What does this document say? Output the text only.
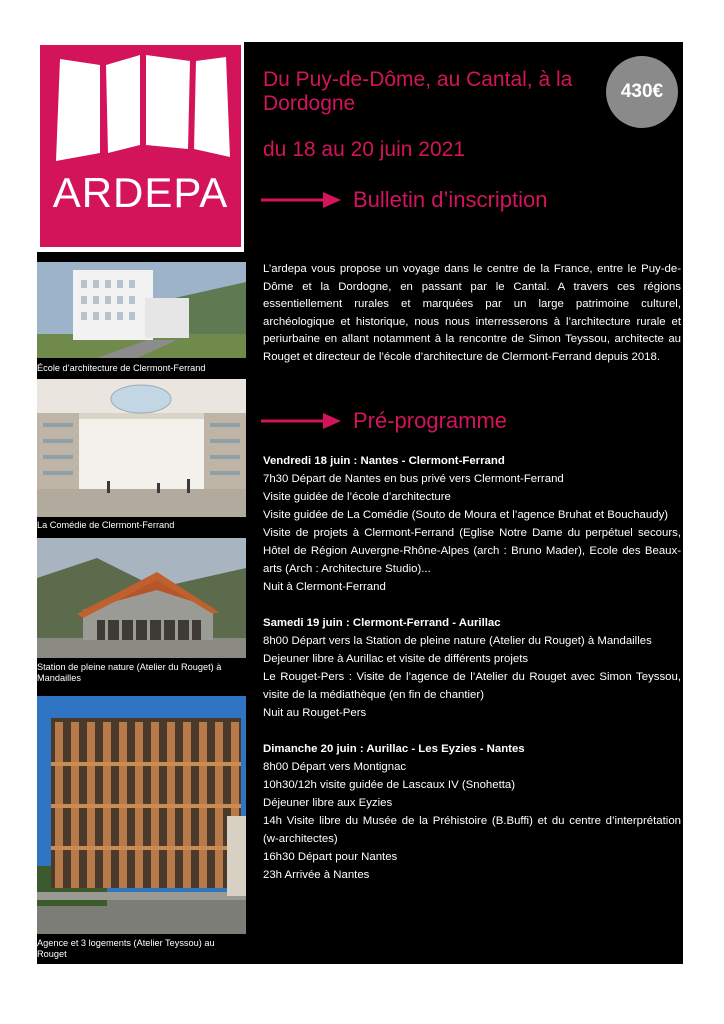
ARDEPA
430€
Du Puy-de-Dôme, au Cantal, à la Dordogne
du 18 au 20 juin 2021
Bulletin d’inscription
L’ardepa vous propose un voyage dans le centre de la France, entre le Puy-de-Dôme et la Dordogne, en passant par le Cantal. A travers ces régions essentiellement rurales et marquées par un large patrimoine culturel, archéologique et historique, nous nous interresserons à l’architecture rurale et periurbaine en allant notamment à la rencontre de Simon Teyssou, architecte au Rouget et directeur de l’école d’architecture de Clermont-Ferrand depuis 2018.
Pré-programme
Vendredi 18 juin : Nantes - Clermont-Ferrand
7h30 Départ de Nantes en bus privé vers Clermont-Ferrand
Visite guidée de l’école d’architecture
Visite guidée de La Comédie (Souto de Moura et l’agence Bruhat et Bouchaudy)
Visite de projets à Clermont-Ferrand (Eglise Notre Dame du perpétuel secours, Hôtel de Région Auvergne-Rhône-Alpes (arch : Bruno Mader), Ecole des Beaux-arts (Arch : Architecture Studio)...
Nuit à Clermont-Ferrand
Samedi 19 juin : Clermont-Ferrand - Aurillac
8h00 Départ vers la Station de pleine nature (Atelier du Rouget) à Mandailles
Dejeuner libre à Aurillac et visite de différents projets
Le Rouget-Pers : Visite de l’agence de l’Atelier du Rouget avec Simon Teyssou, visite de la médiathèque (en fin de chantier)
Nuit au Rouget-Pers
Dimanche 20 juin : Aurillac - Les Eyzies - Nantes
8h00 Départ vers Montignac
10h30/12h visite guidée de Lascaux IV (Snohetta)
Déjeuner libre aux Eyzies
14h Visite libre du Musée de la Préhistoire (B.Buffi) et du centre d’interprétation (w-architectes)
16h30 Départ pour Nantes
23h Arrivée à Nantes
École d’architecture de Clermont-Ferrand
La Comédie de Clermont-Ferrand
Station de pleine nature (Atelier du Rouget) à Mandailles
Agence et 3 logements (Atelier Teyssou) au Rouget
